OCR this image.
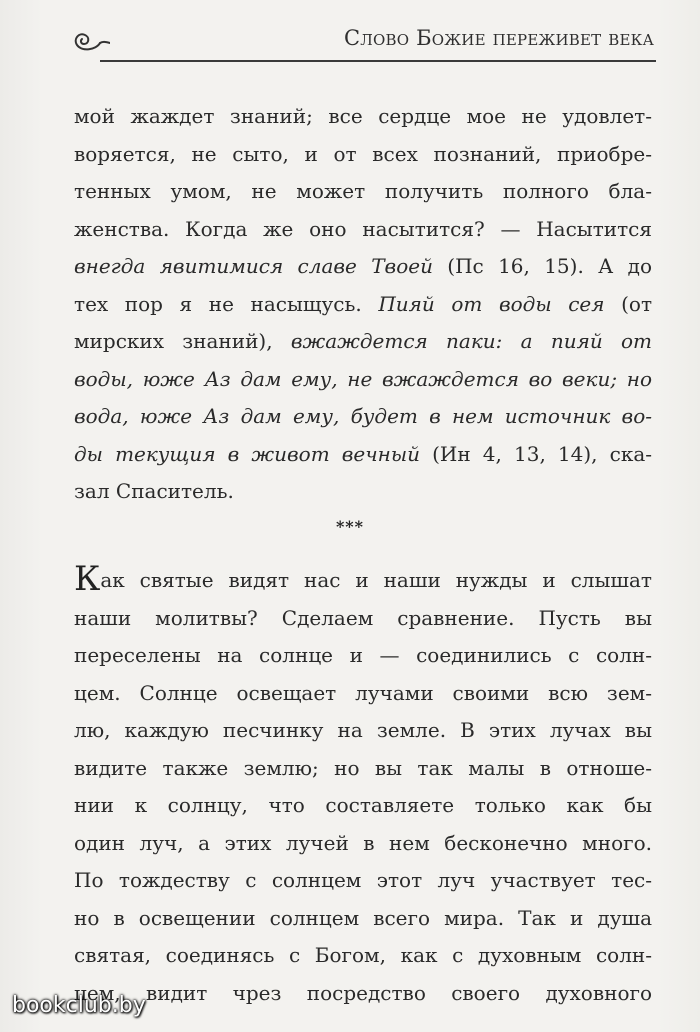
Слово Божие переживет века
мой жаждет знаний; все сердце мое не удовлет-
воряется, не сыто, и от всех познаний, приобре-
тенных умом, не может получить полного бла-
женства. Когда же оно насытится? — Насытится
внегда явитимися славе Твоей (Пс 16, 15). А до
тех пор я не насыщусь. Пияй от воды сея (от
мирских знаний), вжаждется паки: а пияй от
воды, юже Аз дам ему, не вжаждется во веки; но
вода, юже Аз дам ему, будет в нем источник во-
ды текущия в живот вечный (Ин 4, 13, 14), ска-
зал Спаситель.
***
Как святые видят нас и наши нужды и слышат
наши молитвы? Сделаем сравнение. Пусть вы
переселены на солнце и — соединились с солн-
цем. Солнце освещает лучами своими всю зем-
лю, каждую песчинку на земле. В этих лучах вы
видите также землю; но вы так малы в отноше-
нии к солнцу, что составляете только как бы
один луч, а этих лучей в нем бесконечно много.
По тождеству с солнцем этот луч участвует тес-
но в освещении солнцем всего мира. Так и душа
святая, соединясь с Богом, как с духовным солн-
цем, видит чрез посредство своего духовного
bookclub.by
